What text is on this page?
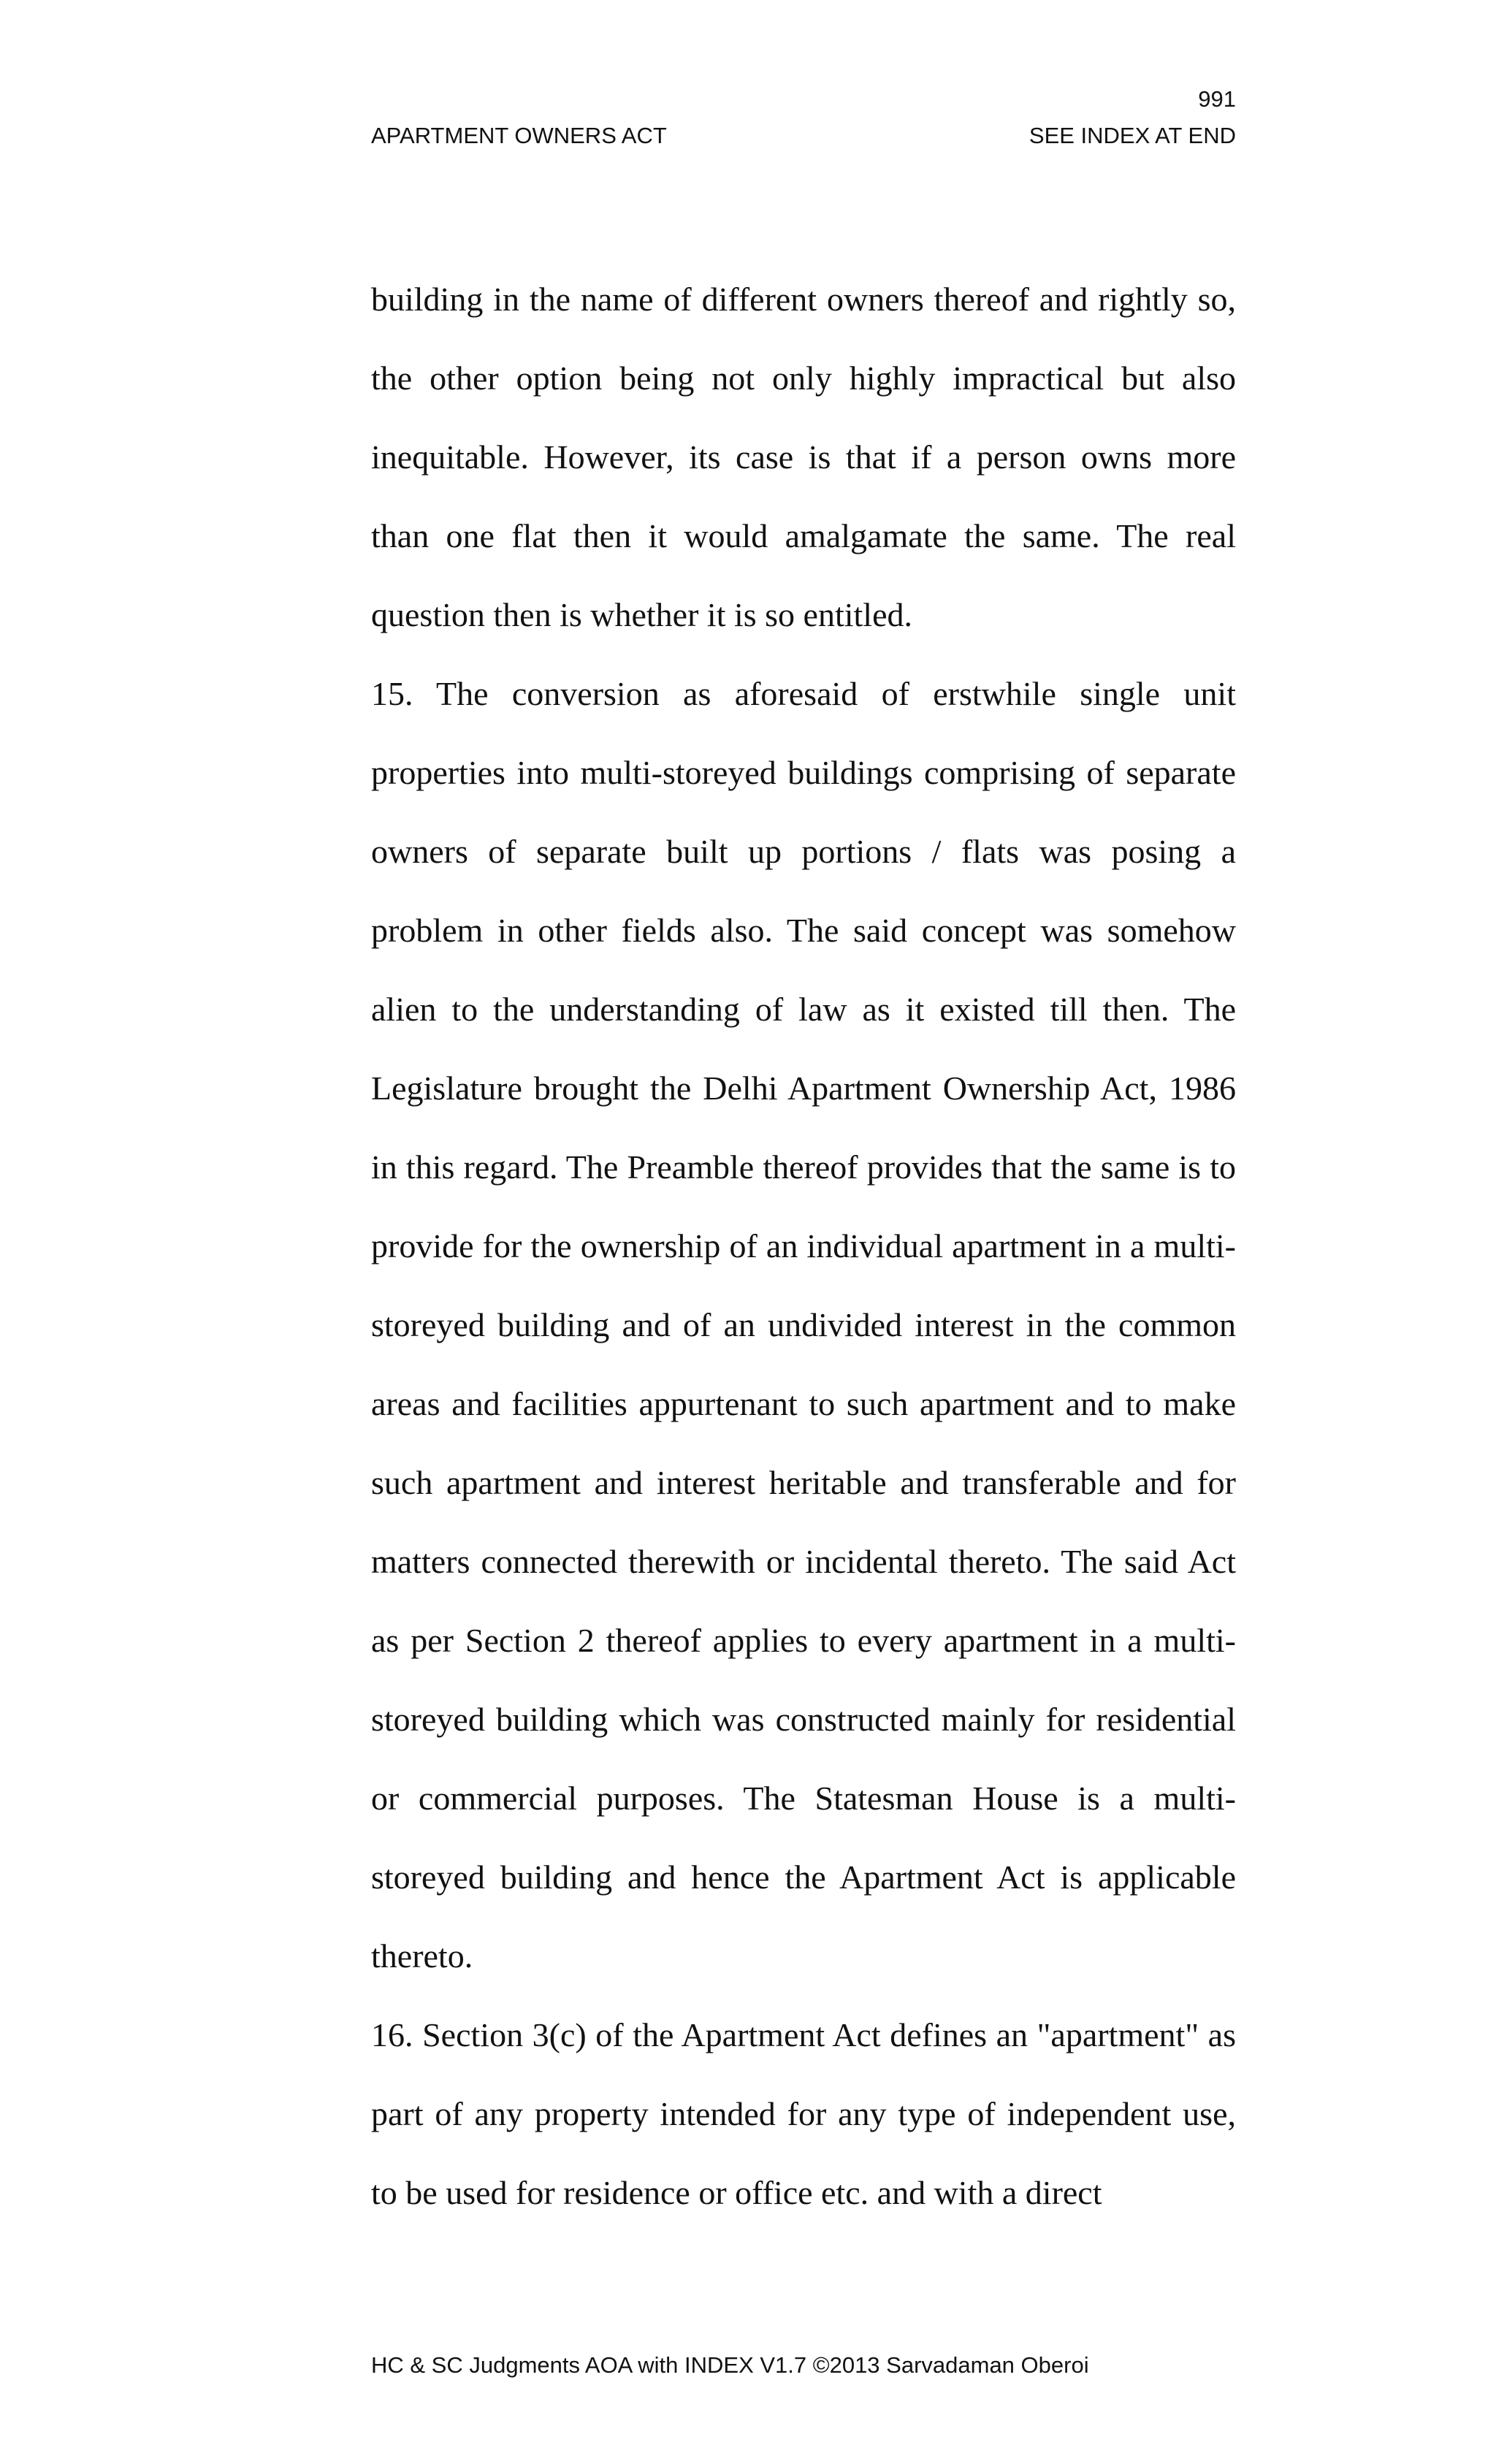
991
APARTMENT OWNERS ACT	SEE INDEX AT END

building in the name of different owners thereof and rightly so, the other option being not only highly impractical but also inequitable. However, its case is that if a person owns more than one flat then it would amalgamate the same. The real question then is whether it is so entitled.

15. The conversion as aforesaid of erstwhile single unit properties into multi-storeyed buildings comprising of separate owners of separate built up portions / flats was posing a problem in other fields also. The said concept was somehow alien to the understanding of law as it existed till then. The Legislature brought the Delhi Apartment Ownership Act, 1986 in this regard. The Preamble thereof provides that the same is to provide for the ownership of an individual apartment in a multi-storeyed building and of an undivided interest in the common areas and facilities appurtenant to such apartment and to make such apartment and interest heritable and transferable and for matters connected therewith or incidental thereto. The said Act as per Section 2 thereof applies to every apartment in a multi-storeyed building which was constructed mainly for residential or commercial purposes. The Statesman House is a multi-storeyed building and hence the Apartment Act is applicable thereto.

16. Section 3(c) of the Apartment Act defines an "apartment" as part of any property intended for any type of independent use, to be used for residence or office etc. and with a direct

HC & SC Judgments AOA with INDEX V1.7 ©2013 Sarvadaman Oberoi
